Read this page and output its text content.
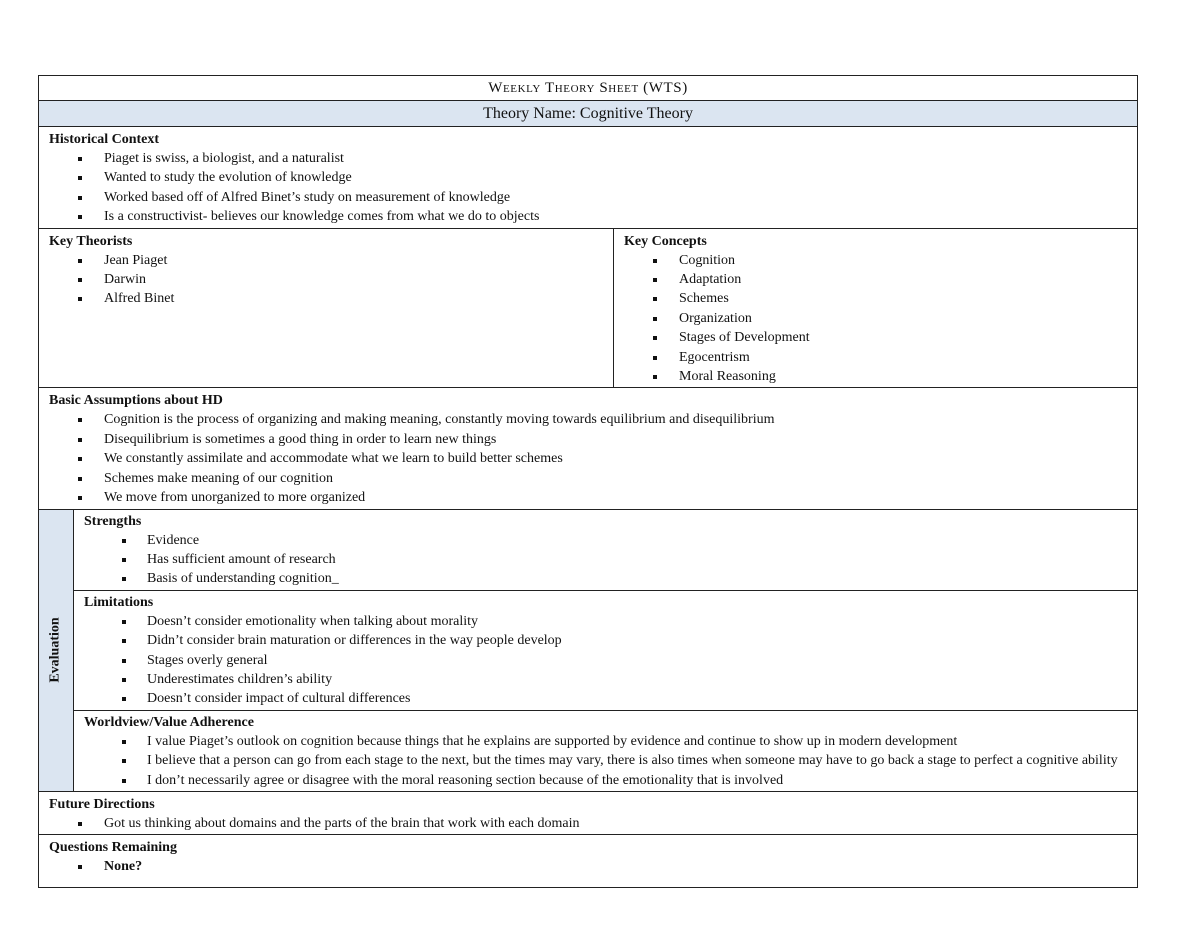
Weekly Theory Sheet (WTS)
Theory Name: Cognitive Theory
Historical Context
Piaget is swiss, a biologist, and a naturalist
Wanted to study the evolution of knowledge
Worked based off of Alfred Binet’s study on measurement of knowledge
Is a constructivist- believes our knowledge comes from what we do to objects
Key Theorists
Jean Piaget
Darwin
Alfred Binet
Key Concepts
Cognition
Adaptation
Schemes
Organization
Stages of Development
Egocentrism
Moral Reasoning
Basic Assumptions about HD
Cognition is the process of organizing and making meaning, constantly moving towards equilibrium and disequilibrium
Disequilibrium is sometimes a good thing in order to learn new things
We constantly assimilate and accommodate what we learn to build better schemes
Schemes make meaning of our cognition
We move from unorganized to more organized
Evaluation
Strengths
Evidence
Has sufficient amount of research
Basis of understanding cognition_
Limitations
Doesn’t consider emotionality when talking about morality
Didn’t consider brain maturation or differences in the way people develop
Stages overly general
Underestimates children’s ability
Doesn’t consider impact of cultural differences
Worldview/Value Adherence
I value Piaget’s outlook on cognition because things that he explains are supported by evidence and continue to show up in modern development
I believe that a person can go from each stage to the next, but the times may vary, there is also times when someone may have to go back a stage to perfect a cognitive ability
I don’t necessarily agree or disagree with the moral reasoning section because of the emotionality that is involved
Future Directions
Got us thinking about domains and the parts of the brain that work with each domain
Questions Remaining
None?
